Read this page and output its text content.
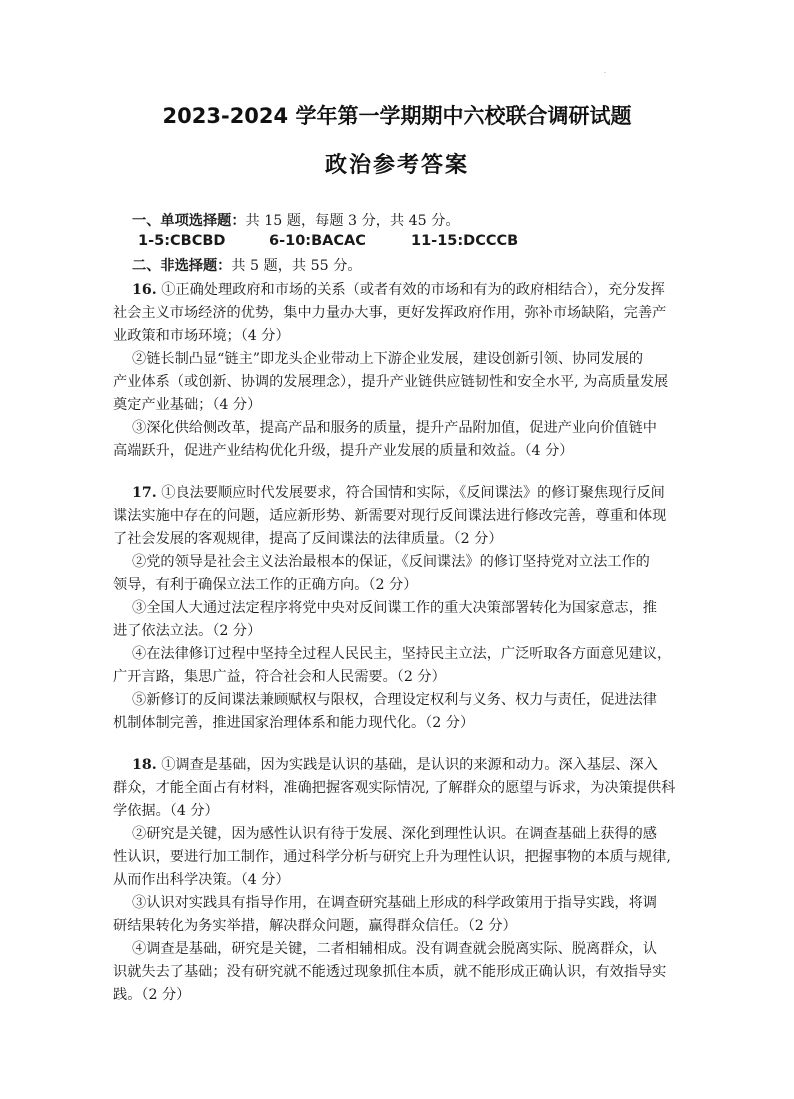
·
2023-2024 学年第一学期期中六校联合调研试题
政治参考答案
一、单项选择题：共 15 题，每题 3 分，共 45 分。
1-5:CBCBD	6-10:BACAC	11-15:DCCCB
二、非选择题：共 5 题，共 55 分。
16. ①正确处理政府和市场的关系（或者有效的市场和有为的政府相结合），充分发挥
社会主义市场经济的优势，集中力量办大事，更好发挥政府作用，弥补市场缺陷，完善产
业政策和市场环境；（4 分）
②链长制凸显“链主”即龙头企业带动上下游企业发展，建设创新引领、协同发展的
产业体系（或创新、协调的发展理念），提升产业链供应链韧性和安全水平, 为高质量发展
奠定产业基础；（4 分）
③深化供给侧改革，提高产品和服务的质量，提升产品附加值，促进产业向价值链中
高端跃升，促进产业结构优化升级，提升产业发展的质量和效益。（4 分）
17. ①良法要顺应时代发展要求，符合国情和实际，《反间谍法》的修订聚焦现行反间
谍法实施中存在的问题，适应新形势、新需要对现行反间谍法进行修改完善，尊重和体现
了社会发展的客观规律，提高了反间谍法的法律质量。（2 分）
②党的领导是社会主义法治最根本的保证，《反间谍法》的修订坚持党对立法工作的
领导，有利于确保立法工作的正确方向。（2 分）
③全国人大通过法定程序将党中央对反间谍工作的重大决策部署转化为国家意志，推
进了依法立法。（2 分）
④在法律修订过程中坚持全过程人民民主，坚持民主立法，广泛听取各方面意见建议，
广开言路，集思广益，符合社会和人民需要。（2 分）
⑤新修订的反间谍法兼顾赋权与限权，合理设定权利与义务、权力与责任，促进法律
机制体制完善，推进国家治理体系和能力现代化。（2 分）
18. ①调查是基础，因为实践是认识的基础，是认识的来源和动力。深入基层、深入
群众，才能全面占有材料，准确把握客观实际情况, 了解群众的愿望与诉求，为决策提供科
学依据。（4 分）
②研究是关键，因为感性认识有待于发展、深化到理性认识。在调查基础上获得的感
性认识，要进行加工制作，通过科学分析与研究上升为理性认识，把握事物的本质与规律,
从而作出科学决策。（4 分）
③认识对实践具有指导作用，在调查研究基础上形成的科学政策用于指导实践，将调
研结果转化为务实举措，解决群众问题，赢得群众信任。（2 分）
④调查是基础，研究是关键，二者相辅相成。没有调查就会脱离实际、脱离群众，认
识就失去了基础；没有研究就不能透过现象抓住本质，就不能形成正确认识，有效指导实
践。（2 分）
